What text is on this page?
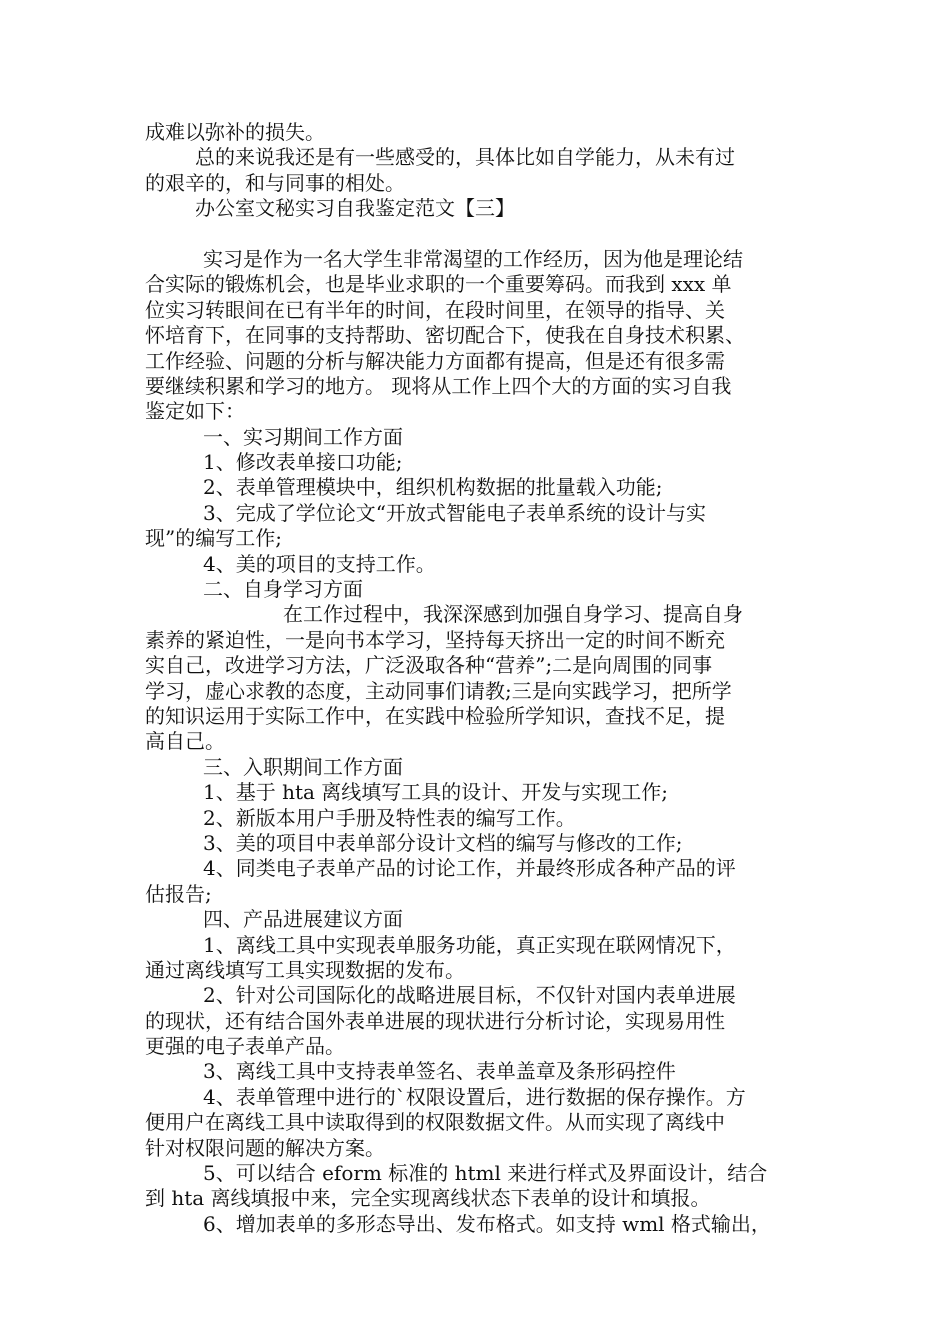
成难以弥补的损失。
总的来说我还是有一些感受的，具体比如自学能力，从未有过
的艰辛的，和与同事的相处。
办公室文秘实习自我鉴定范文【三】
实习是作为一名大学生非常渴望的工作经历，因为他是理论结
合实际的锻炼机会，也是毕业求职的一个重要筹码。而我到 xxx 单
位实习转眼间在已有半年的时间，在段时间里，在领导的指导、关
怀培育下，在同事的支持帮助、密切配合下，使我在自身技术积累、
工作经验、问题的分析与解决能力方面都有提高，但是还有很多需
要继续积累和学习的地方。 现将从工作上四个大的方面的实习自我
鉴定如下：
一、实习期间工作方面
1、修改表单接口功能;
2、表单管理模块中，组织机构数据的批量载入功能;
3、完成了学位论文“开放式智能电子表单系统的设计与实
现”的编写工作;
4、美的项目的支持工作。
二、自身学习方面
在工作过程中，我深深感到加强自身学习、提高自身
素养的紧迫性，一是向书本学习，坚持每天挤出一定的时间不断充
实自己，改进学习方法，广泛汲取各种“营养”;二是向周围的同事
学习，虚心求教的态度，主动同事们请教;三是向实践学习，把所学
的知识运用于实际工作中，在实践中检验所学知识，查找不足，提
高自己。
三、入职期间工作方面
1、基于 hta 离线填写工具的设计、开发与实现工作;
2、新版本用户手册及特性表的编写工作。
3、美的项目中表单部分设计文档的编写与修改的工作;
4、同类电子表单产品的讨论工作，并最终形成各种产品的评
估报告;
四、产品进展建议方面
1、离线工具中实现表单服务功能，真正实现在联网情况下，
通过离线填写工具实现数据的发布。
2、针对公司国际化的战略进展目标，不仅针对国内表单进展
的现状，还有结合国外表单进展的现状进行分析讨论，实现易用性
更强的电子表单产品。
3、离线工具中支持表单签名、表单盖章及条形码控件
4、表单管理中进行的`权限设置后，进行数据的保存操作。方
便用户在离线工具中读取得到的权限数据文件。从而实现了离线中
针对权限问题的解决方案。
5、可以结合 eform 标准的 html 来进行样式及界面设计，结合
到 hta 离线填报中来，完全实现离线状态下表单的设计和填报。
6、增加表单的多形态导出、发布格式。如支持 wml 格式输出，
